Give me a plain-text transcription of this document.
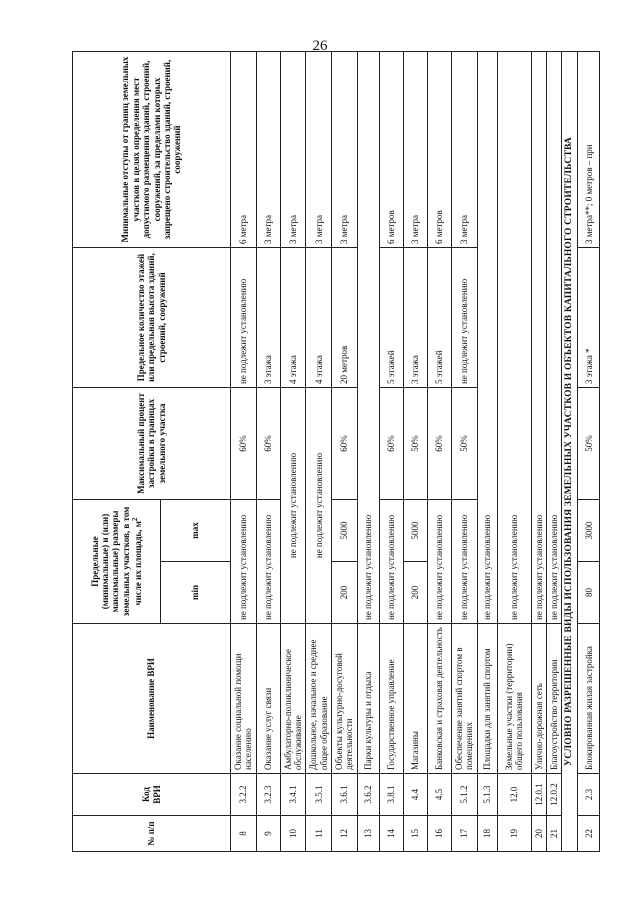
26
№ п/п	Код ВРИ	Наименование ВРИ	Предельные (минимальные) и (или) максимальные) размеры земельных участков, в том числе их площадь, $м^2$		Максимальный процент застройки в границах земельного участка	Предельное количество этажей или предельная высота зданий, строений, сооружений	Минимальные отступы от границ земельных участков в целях определения мест допустимого размещения зданий, строений, сооружений, за пределами которых запрещено строительство зданий, строений, сооружений
			min	max			
8	3.2.2	Оказание социальной помощи населению	не подлежит установлению		60%	не подлежит установлению	6 метра
9	3.2.3	Оказание услуг связи	не подлежит установлению		60%	3 этажа	3 метра
10	3.4.1	Амбулаторно-поликлиническое обслуживание	не подлежит установлению			4 этажа	3 метра
11	3.5.1	Дошкольное, начальное и среднее общее образование	не подлежит установлению			4 этажа	3 метра
12	3.6.1	Объекты культурно-досуговой деятельности	200	5000	60%	20 метров	3 метра
13	3.6.2	Парки культуры и отдыха	не подлежит установлению				
14	3.8.1	Государственное управление	не подлежит установлению		60%	5 этажей	6 метров
15	4.4	Магазины	200	5000	50%	3 этажа	3 метра
16	4.5	Банковская и страховая деятельность	не подлежит установлению		60%	5 этажей	6 метров
17	5.1.2	Обеспечение занятий спортом в помещениях	не подлежит установлению		50%	не подлежит установлению	3 метра
18	5.1.3	Площадки для занятий спортом	не подлежит установлению				
19	12.0	Земельные участки (территории) общего пользования	не подлежит установлению				
20	12.0.1	Улично-дорожная сеть	не подлежит установлению				
21	12.0.2	Благоустройство территории	не подлежит установлению				
УСЛОВНО РАЗРЕШЕННЫЕ ВИДЫ ИСПОЛЬЗОВАНИЯ ЗЕМЕЛЬНЫХ УЧАСТКОВ И ОБЪЕКТОВ КАПИТАЛЬНОГО СТРОИТЕЛЬСТВА							
22	2.3	Блокированная жилая застройка	80	3000	50%	3 этажа *	3 метра**; 0 метров – при
